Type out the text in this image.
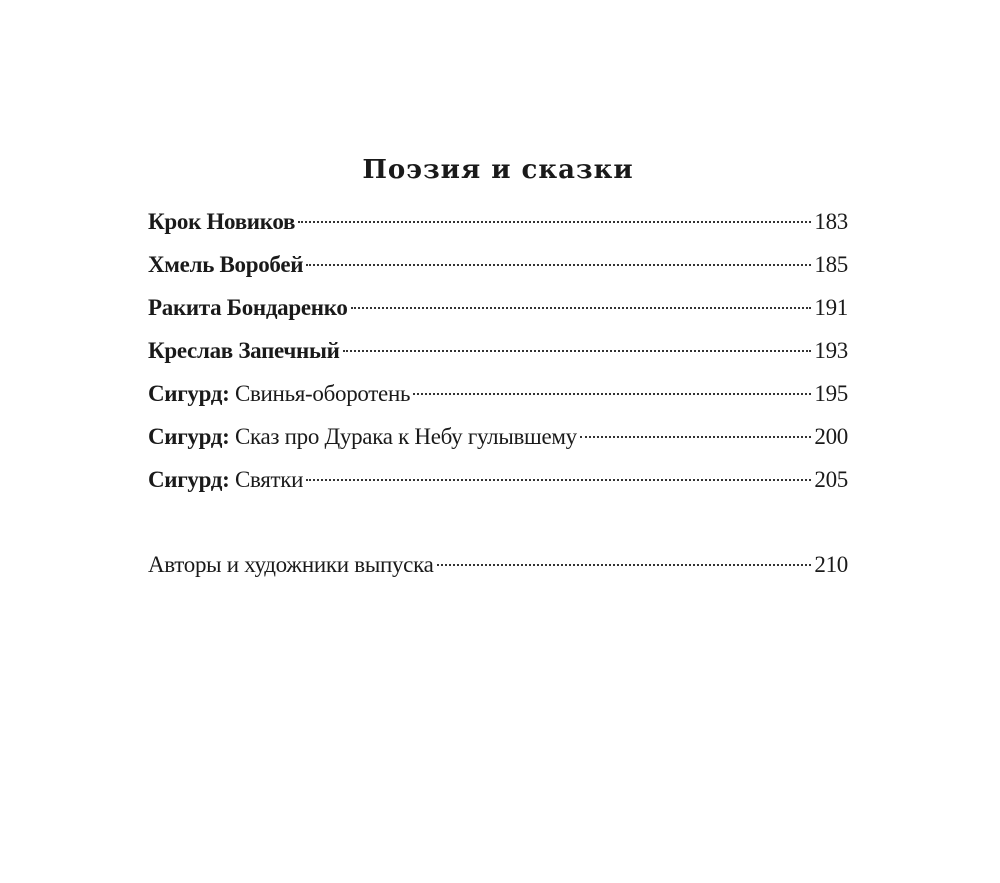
Поэзия и сказки
Крок Новиков	183
Хмель Воробей	185
Ракита Бондаренко	191
Креслав Запечный	193
Сигурд: Свинья-оборотень	195
Сигурд: Сказ про Дурака к Небу гулывшему	200
Сигурд: Святки	205
Авторы и художники выпуска	210
